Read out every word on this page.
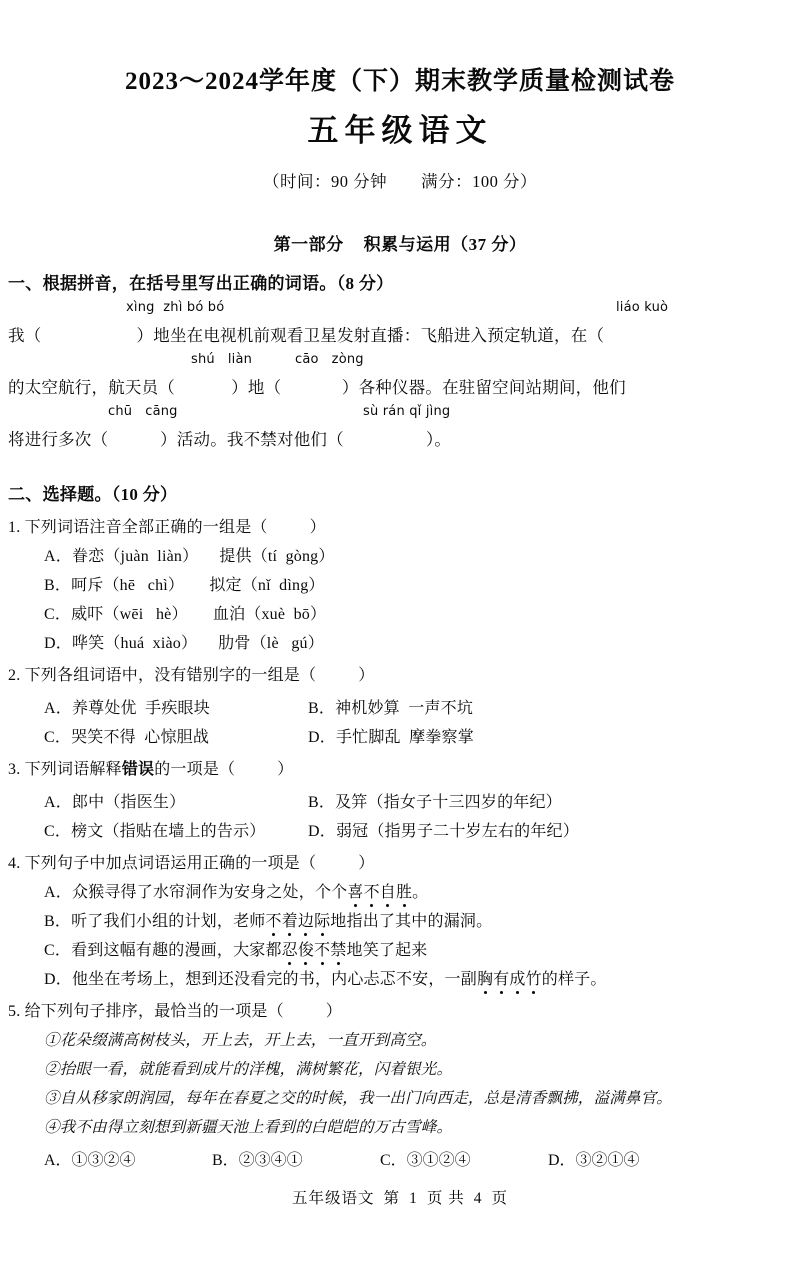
2023～2024学年度（下）期末教学质量检测试卷
五年级语文

（时间：90 分钟 满分：100 分）

第一部分 积累与运用（37 分）

一、根据拼音，在括号里写出正确的词语。（8 分）

xìng  zhì bó bó	liáo kuò
我（                      ）地坐在电视机前观看卫星发射直播：飞船进入预定轨道，在（
shú   liàn	cāo   zòng
的太空航行，航天员（             ）地（              ）各种仪器。在驻留空间站期间，他们
chū   cāng	sù rán qǐ jìng
将进行多次（            ）活动。我不禁对他们（                   ）。

二、选择题。（10 分）

1. 下列词语注音全部正确的一组是（          ）
A．眷恋（juàn  liàn）     提供（tí  gòng）
B．呵斥（hē   chì）      拟定（nǐ  dìng）
C．威吓（wēi   hè）      血泊（xuè  bō）
D．哗笑（huá  xiào）     肋骨（lè   gú）
2. 下列各组词语中，没有错别字的一组是（          ）
A．养尊处优  手疾眼块	B．神机妙算  一声不坑
C．哭笑不得  心惊胆战	D．手忙脚乱  摩拳察掌
3. 下列词语解释错误的一项是（          ）
A．郎中（指医生）	B．及笄（指女子十三四岁的年纪）
C．榜文（指贴在墙上的告示）	D．弱冠（指男子二十岁左右的年纪）
4. 下列句子中加点词语运用正确的一项是（          ）
A．众猴寻得了水帘洞作为安身之处，个个喜不自胜。
B．听了我们小组的计划，老师不着边际地指出了其中的漏洞。
C．看到这幅有趣的漫画，大家都忍俊不禁地笑了起来
D．他坐在考场上，想到还没看完的书，内心忐忑不安，一副胸有成竹的样子。
5. 给下列句子排序，最恰当的一项是（          ）
①花朵缀满高树枝头，开上去，开上去，一直开到高空。
②抬眼一看，就能看到成片的洋槐，满树繁花，闪着银光。
③自从移家朗润园，每年在春夏之交的时候，我一出门向西走，总是清香飘拂，溢满鼻官。
④我不由得立刻想到新疆天池上看到的白皑皑的万古雪峰。
A．①③②④	B．②③④①	C．③①②④	D．③②①④
五年级语文 第 1 页 共 4 页
